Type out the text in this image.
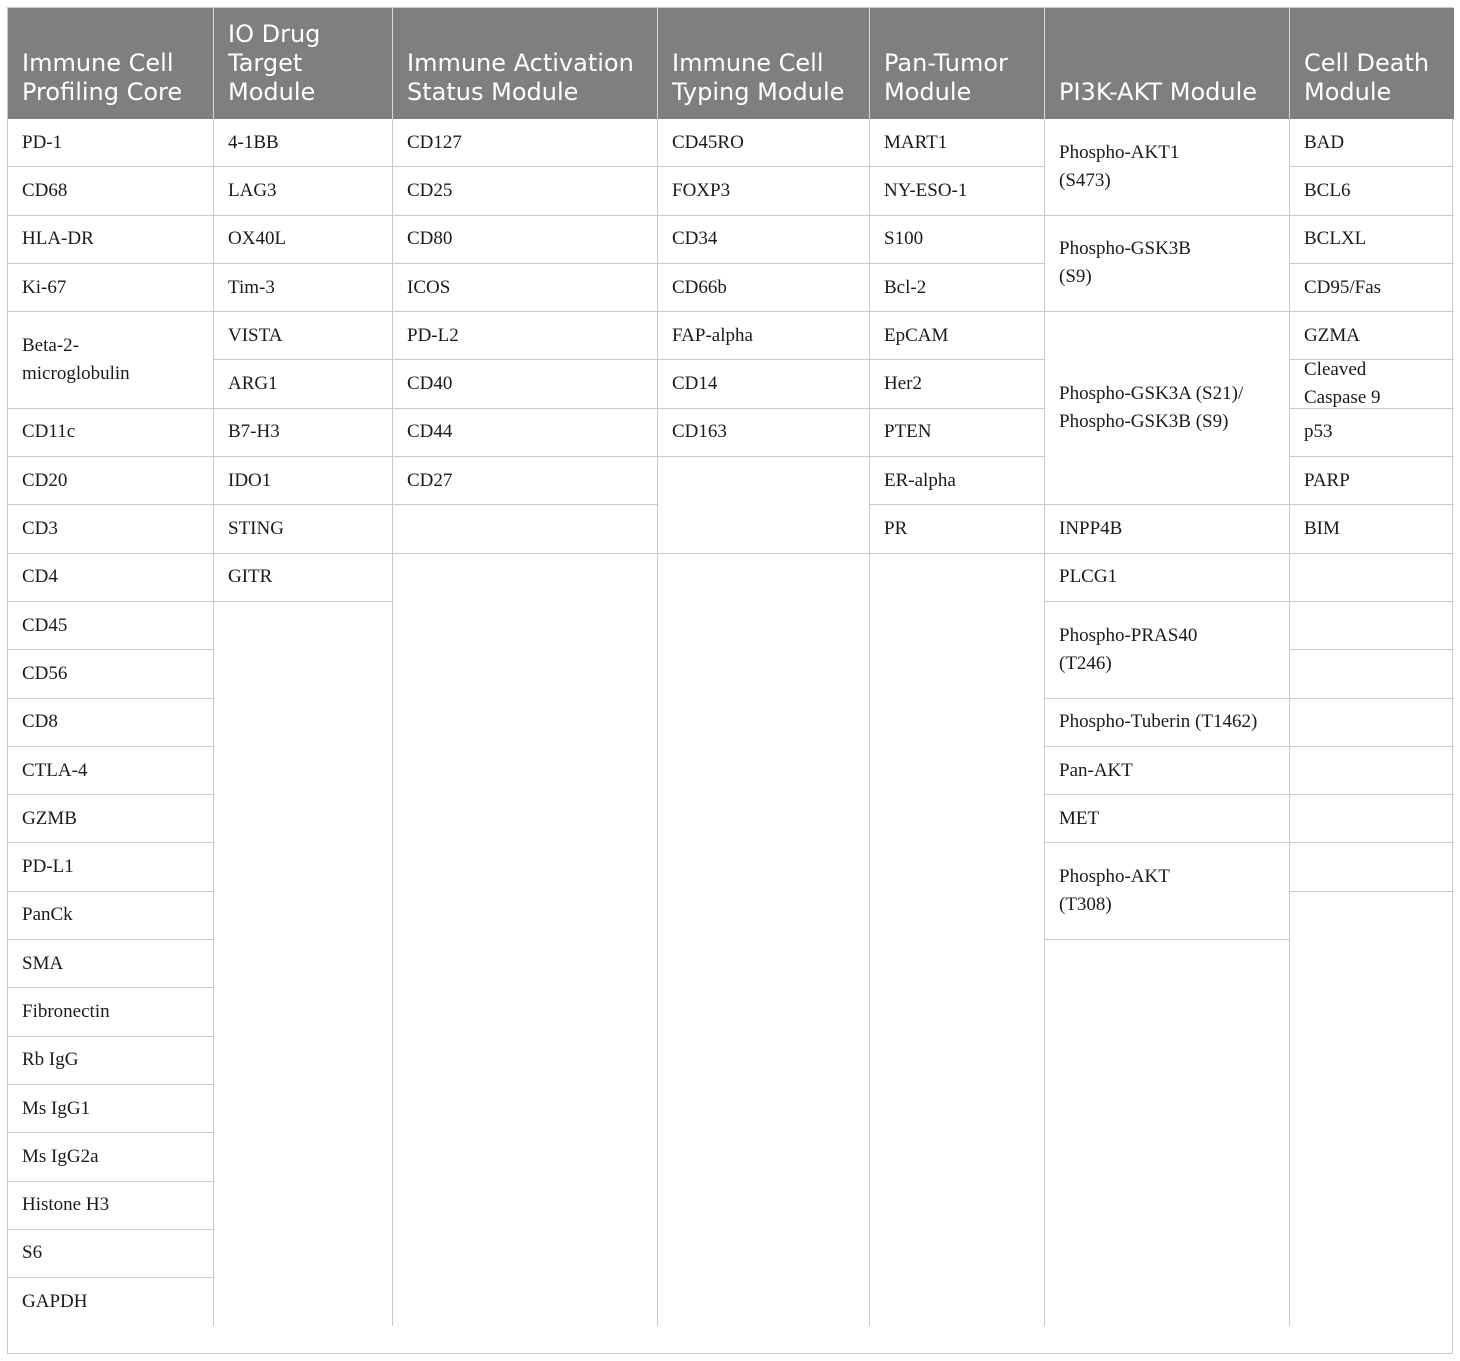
Immune Cell
Profiling Core
IO Drug
Target
Module
Immune Activation
Status Module
Immune Cell
Typing Module
Pan-Tumor
Module	PI3K-AKT Module
Cell Death
Module
PD-1
CD68
HLA-DR
Ki-67
Beta-2-
microglobulin
CD11c
CD20
CD3
CD4
CD45
CD56
CD8
CTLA-4
GZMB
PD-L1
PanCk
SMA
Fibronectin
Rb IgG
Ms IgG1
Ms IgG2a
Histone H3
S6
GAPDH
4-1BB
LAG3
OX40L
Tim-3
VISTA
ARG1
B7-H3
IDO1
STING
GITR
CD127
CD25
CD80
ICOS
PD-L2
CD40
CD44
CD27
CD45RO
FOXP3
CD34
CD66b
FAP-alpha
CD14
CD163
MART1
NY-ESO-1
S100
Bcl-2
EpCAM
Her2
PTEN
ER-alpha
PR
Phospho-AKT1
(S473)
Phospho-GSK3B
(S9)
Phospho-GSK3A (S21)/
Phospho-GSK3B (S9)
INPP4B
PLCG1
Phospho-PRAS40
(T246)
Phospho-Tuberin (T1462)
Pan-AKT
MET
Phospho-AKT
(T308)
BAD
BCL6
BCLXL
CD95/Fas
GZMA
Cleaved
Caspase 9
p53
PARP
BIM
